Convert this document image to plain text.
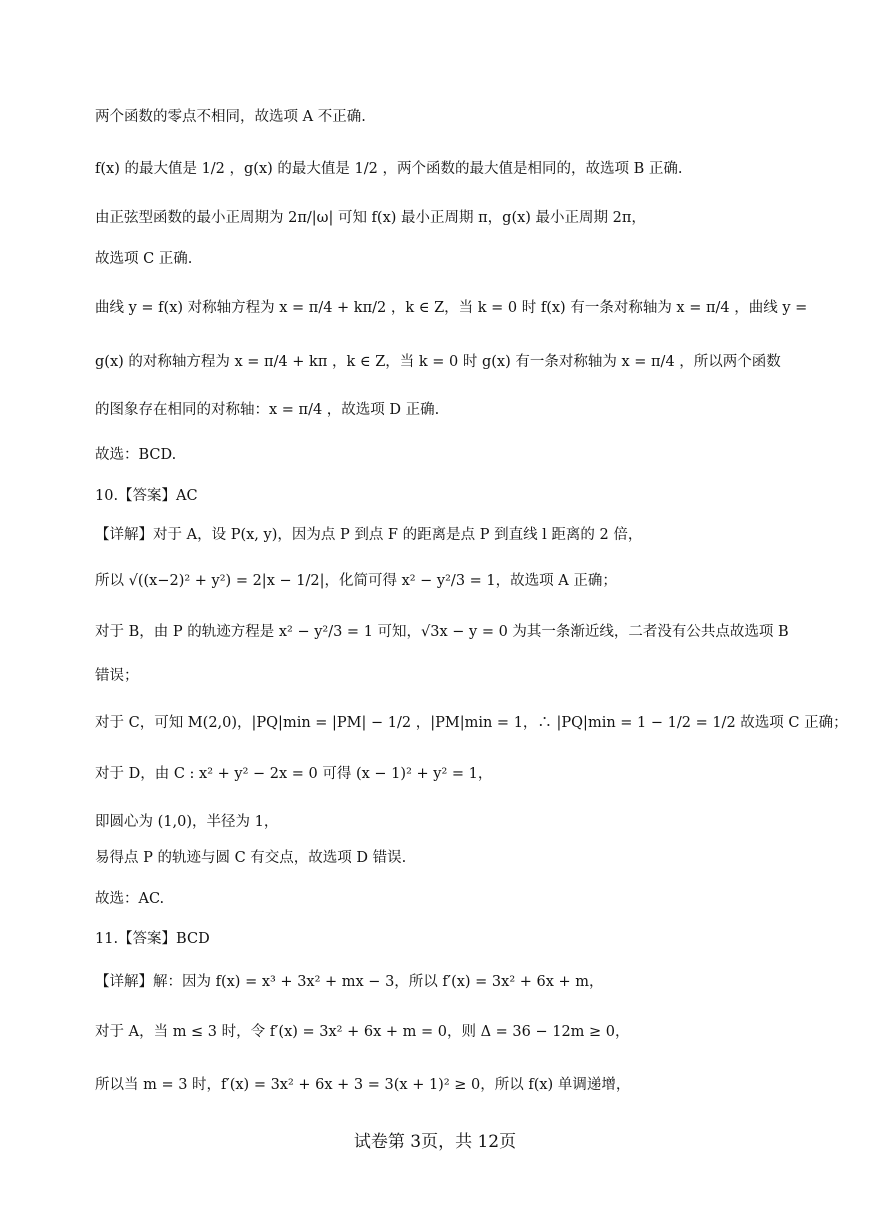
两个函数的零点不相同，故选项 A 不正确.
f(x) 的最大值是 1/2 ，g(x) 的最大值是 1/2 ，两个函数的最大值是相同的，故选项 B 正确.
由正弦型函数的最小正周期为 2π/|ω| 可知 f(x) 最小正周期 π，g(x) 最小正周期 2π，
故选项 C 正确.
曲线 y = f(x) 对称轴方程为 x = π/4 + kπ/2 ，k ∈ Z，当 k = 0 时 f(x) 有一条对称轴为 x = π/4 ，曲线 y =
g(x) 的对称轴方程为 x = π/4 + kπ ，k ∈ Z，当 k = 0 时 g(x) 有一条对称轴为 x = π/4 ，所以两个函数
的图象存在相同的对称轴：x = π/4 ，故选项 D 正确.
故选：BCD.
10.【答案】AC
【详解】对于 A，设 P(x, y)，因为点 P 到点 F 的距离是点 P 到直线 l 距离的 2 倍，
所以 √((x−2)² + y²) = 2|x − 1/2|，化简可得 x² − y²/3 = 1，故选项 A 正确；
对于 B，由 P 的轨迹方程是 x² − y²/3 = 1 可知，√3x − y = 0 为其一条渐近线，二者没有公共点故选项 B
错误；
对于 C，可知 M(2,0)，|PQ|min = |PM| − 1/2 ，|PM|min = 1，∴ |PQ|min = 1 − 1/2 = 1/2 故选项 C 正确；
对于 D，由 C : x² + y² − 2x = 0 可得 (x − 1)² + y² = 1，
即圆心为 (1,0)，半径为 1，
易得点 P 的轨迹与圆 C 有交点，故选项 D 错误.
故选：AC.
11.【答案】BCD
【详解】解：因为 f(x) = x³ + 3x² + mx − 3，所以 f′(x) = 3x² + 6x + m，
对于 A，当 m ≤ 3 时，令 f′(x) = 3x² + 6x + m = 0，则 Δ = 36 − 12m ≥ 0，
所以当 m = 3 时，f′(x) = 3x² + 6x + 3 = 3(x + 1)² ≥ 0，所以 f(x) 单调递增，
试卷第 3页，共 12页
